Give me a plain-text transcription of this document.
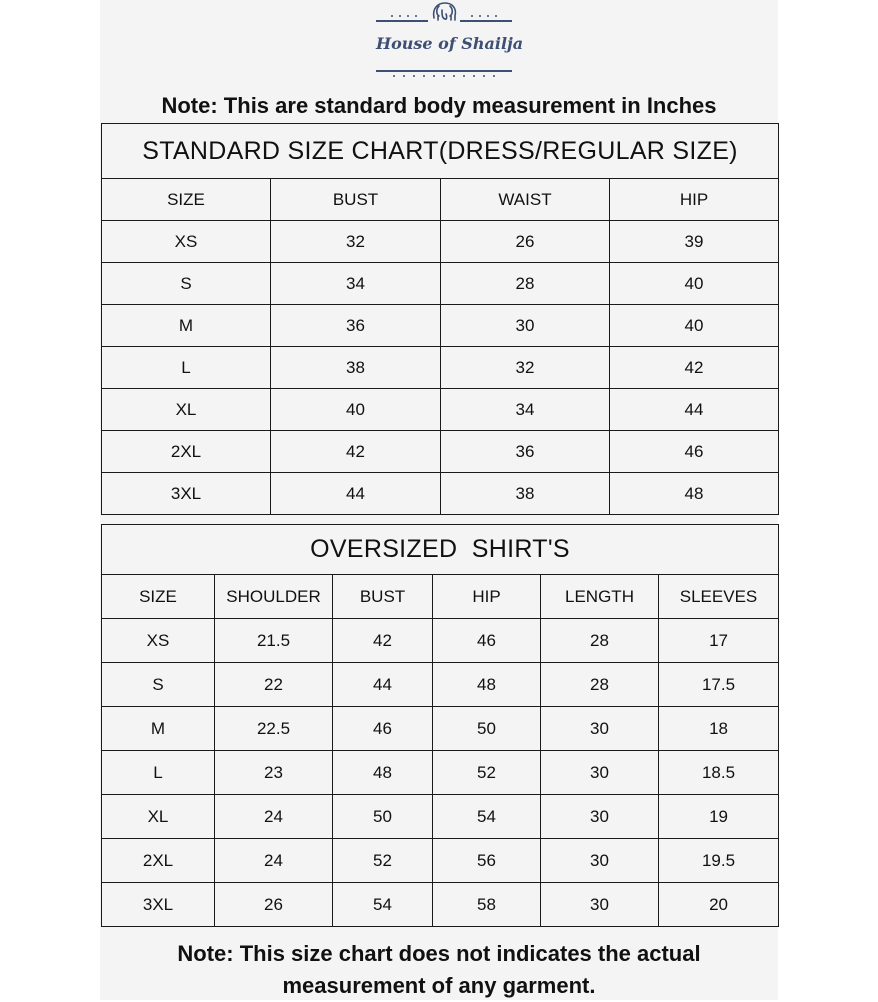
House of Shailja
Note: This are standard body measurement in Inches
STANDARD SIZE CHART(DRESS/REGULAR SIZE)			
SIZE	BUST	WAIST	HIP
XS	32	26	39
S	34	28	40
M	36	30	40
L	38	32	42
XL	40	34	44
2XL	42	36	46
3XL	44	38	48
OVERSIZED  SHIRT'S					
SIZE	SHOULDER	BUST	HIP	LENGTH	SLEEVES
XS	21.5	42	46	28	17
S	22	44	48	28	17.5
M	22.5	46	50	30	18
L	23	48	52	30	18.5
XL	24	50	54	30	19
2XL	24	52	56	30	19.5
3XL	26	54	58	30	20
Note: This size chart does not indicates the actual
measurement of any garment.
